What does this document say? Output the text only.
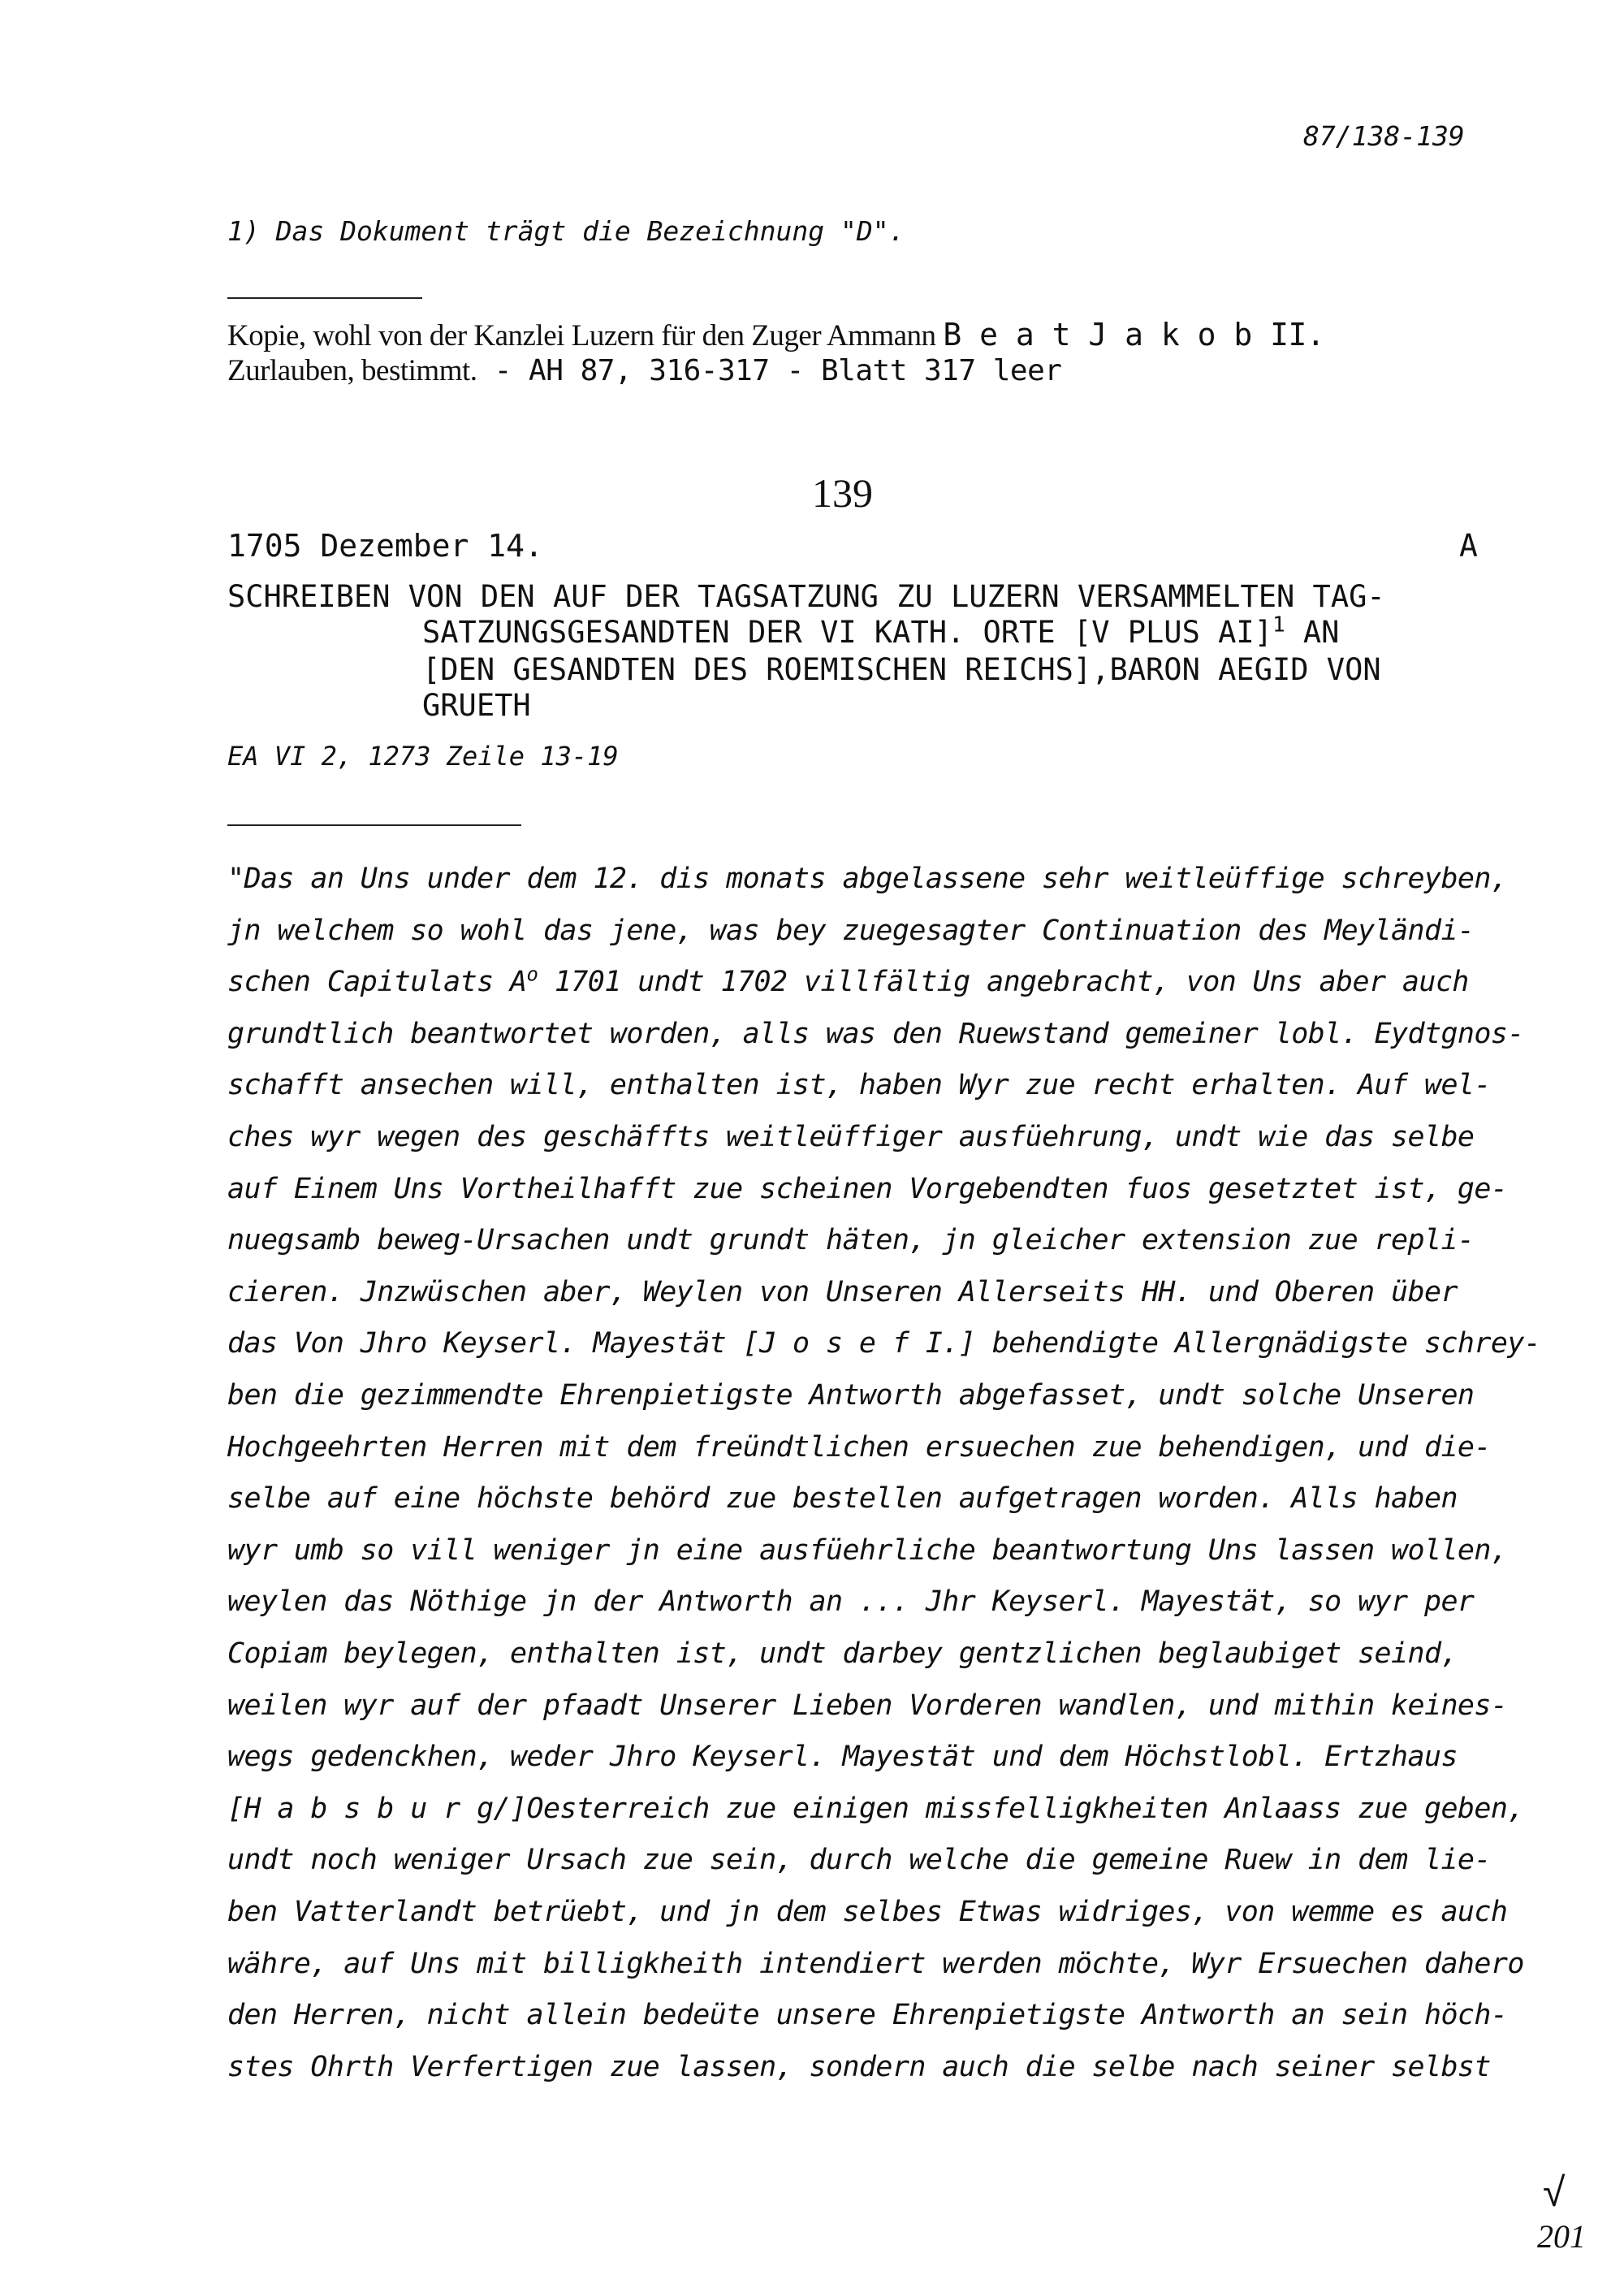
87/138-139
1) Das Dokument trägt die Bezeichnung "D".
Kopie, wohl von der Kanzlei Luzern für den Zuger Ammann B e a t J a k o b II.
Zurlauben, bestimmt. - AH 87, 316-317 - Blatt 317 leer
139
1705 Dezember 14.	A
SCHREIBEN VON DEN AUF DER TAGSATZUNG ZU LUZERN VERSAMMELTEN TAG-
SATZUNGSGESANDTEN DER VI KATH. ORTE [V PLUS AI]$^1$ AN
[DEN GESANDTEN DES ROEMISCHEN REICHS],BARON AEGID VON
GRUETH
EA VI 2, 1273 Zeile 13-19
"Das an Uns under dem 12. dis monats abgelassene sehr weitleüffige schreyben,
jn welchem so wohl das jene, was bey zuegesagter Continuation des Meyländi-
schen Capitulats $A^o$ 1701 undt 1702 villfältig angebracht, von Uns aber auch
grundtlich beantwortet worden, alls was den Ruewstand gemeiner lobl. Eydtgnos-
schafft ansechen will, enthalten ist, haben Wyr zue recht erhalten. Auf wel-
ches wyr wegen des geschäffts weitleüffiger ausfüehrung, undt wie das selbe
auf Einem Uns Vortheilhafft zue scheinen Vorgebendten fuos gesetztet ist, ge-
nuegsamb beweg-Ursachen undt grundt häten, jn gleicher extension zue repli-
cieren. Jnzwüschen aber, Weylen von Unseren Allerseits HH. und Oberen über
das Von Jhro Keyserl. Mayestät [J o s e f I.] behendigte Allergnädigste schrey-
ben die gezimmendte Ehrenpietigste Antworth abgefasset, undt solche Unseren
Hochgeehrten Herren mit dem freündtlichen ersuechen zue behendigen, und die-
selbe auf eine höchste behörd zue bestellen aufgetragen worden. Alls haben
wyr umb so vill weniger jn eine ausfüehrliche beantwortung Uns lassen wollen,
weylen das Nöthige jn der Antworth an ... Jhr Keyserl. Mayestät, so wyr per
Copiam beylegen, enthalten ist, undt darbey gentzlichen beglaubiget seind,
weilen wyr auf der pfaadt Unserer Lieben Vorderen wandlen, und mithin keines-
wegs gedenckhen, weder Jhro Keyserl. Mayestät und dem Höchstlobl. Ertzhaus
[H a b s b u r g/]Oesterreich zue einigen missfelligkheiten Anlaass zue geben,
undt noch weniger Ursach zue sein, durch welche die gemeine Ruew in dem lie-
ben Vatterlandt betrüebt, und jn dem selbes Etwas widriges, von wemme es auch
währe, auf Uns mit billigkheith intendiert werden möchte, Wyr Ersuechen dahero
den Herren, nicht allein bedeüte unsere Ehrenpietigste Antworth an sein höch-
stes Ohrth Verfertigen zue lassen, sondern auch die selbe nach seiner selbst
√
201
